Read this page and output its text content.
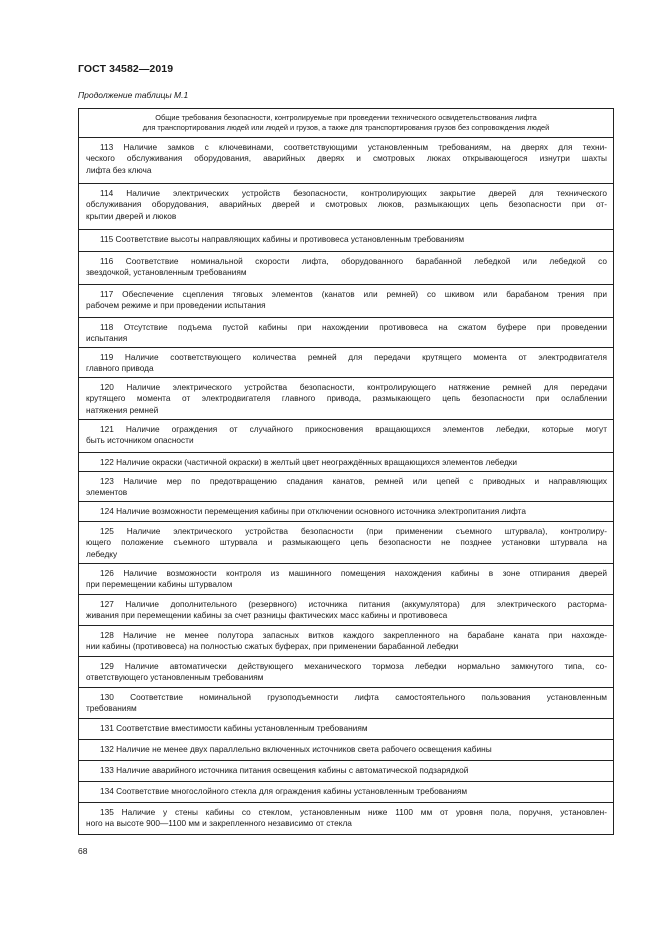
ГОСТ 34582—2019
Продолжение таблицы М.1
Общие требования безопасности, контролируемые при проведении технического освидетельствования лифта
для транспортирования людей или людей и грузов, а также для транспортирования грузов без сопровождения людей
113 Наличие замков с ключевинами, соответствующими установленным требованиям, на дверях для техни-
ческого обслуживания оборудования, аварийных дверях и смотровых люках открывающегося изнутри шахты
лифта без ключа
114 Наличие электрических устройств безопасности, контролирующих закрытие дверей для технического
обслуживания оборудования, аварийных дверей и смотровых люков, размыкающих цепь безопасности при от-
крытии дверей и люков
115 Соответствие высоты направляющих кабины и противовеса установленным требованиям
116 Соответствие номинальной скорости лифта, оборудованного барабанной лебедкой или лебедкой со
звездочкой, установленным требованиям
117 Обеспечение сцепления тяговых элементов (канатов или ремней) со шкивом или барабаном трения при
рабочем режиме и при проведении испытания
118 Отсутствие подъема пустой кабины при нахождении противовеса на сжатом буфере при проведении
испытания
119 Наличие соответствующего количества ремней для передачи крутящего момента от электродвигателя
главного привода
120 Наличие электрического устройства безопасности, контролирующего натяжение ремней для передачи
крутящего момента от электродвигателя главного привода, размыкающего цепь безопасности при ослаблении
натяжения ремней
121 Наличие ограждения от случайного прикосновения вращающихся элементов лебедки, которые могут
быть источником опасности
122 Наличие окраски (частичной окраски) в желтый цвет неограждённых вращающихся элементов лебедки
123 Наличие мер по предотвращению спадания канатов, ремней или цепей с приводных и направляющих
элементов
124 Наличие возможности перемещения кабины при отключении основного источника электропитания лифта
125 Наличие электрического устройства безопасности (при применении съемного штурвала), контролиру-
ющего положение съемного штурвала и размыкающего цепь безопасности не позднее установки штурвала на
лебедку
126 Наличие возможности контроля из машинного помещения нахождения кабины в зоне отпирания дверей
при перемещении кабины штурвалом
127 Наличие дополнительного (резервного) источника питания (аккумулятора) для электрического растормa-
живания при перемещении кабины за счет разницы фактических масс кабины и противовеса
128 Наличие не менее полутора запасных витков каждого закрепленного на барабане каната при нахожде-
нии кабины (противовеса) на полностью сжатых буферах, при применении барабанной лебедки
129 Наличие автоматически действующего механического тормоза лебедки нормально замкнутого типа, со-
ответствующего установленным требованиям
130 Соответствие номинальной грузоподъемности лифта самостоятельного пользования установленным
требованиям
131 Соответствие вместимости кабины установленным требованиям
132 Наличие не менее двух параллельно включенных источников света рабочего освещения кабины
133 Наличие аварийного источника питания освещения кабины с автоматической подзарядкой
134 Соответствие многослойного стекла для ограждения кабины установленным требованиям
135 Наличие у стены кабины со стеклом, установленным ниже 1100 мм от уровня пола, поручня, установлен-
ного на высоте 900—1100 мм и закрепленного независимо от стекла
68
